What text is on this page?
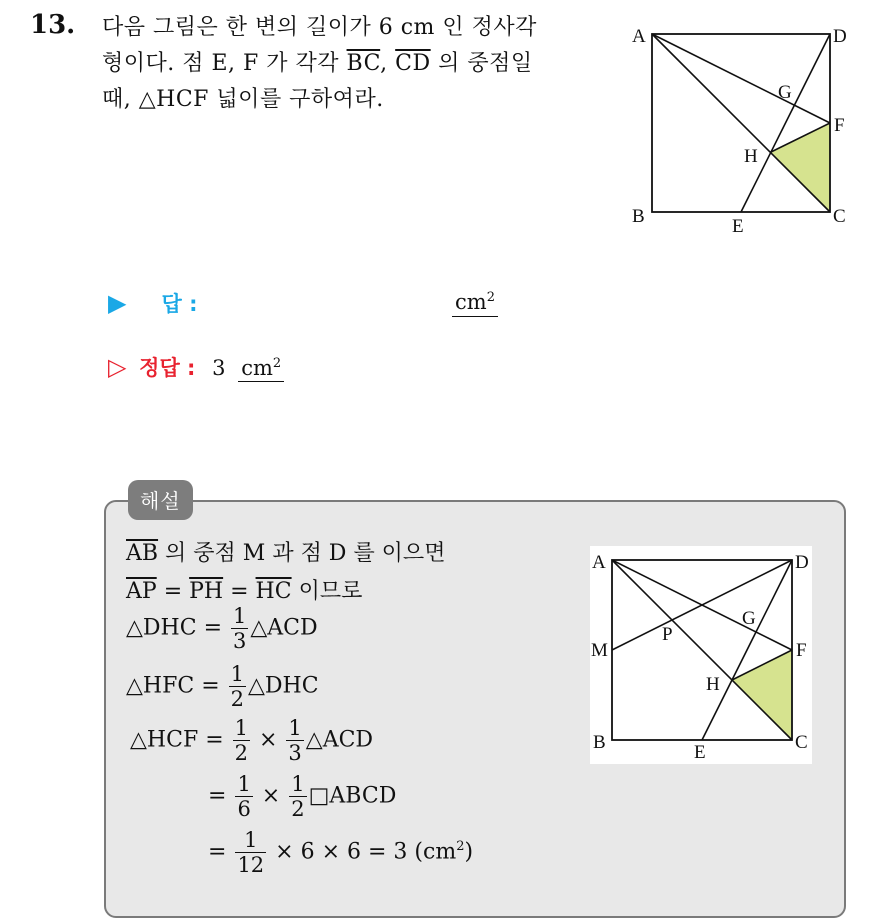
13. 다음 그림은 한 변의 길이가 6 cm 인 정사각
형이다. 점 E, F 가 각각 $\overline{BC}$, $\overline{CD}$ 의 중점일
때, △HCF 넓이를 구하여라.
A	D
B	C
E
F
G
H
▶ 답 :	$cm^2$
▷ 정답 : 3 $cm^2$
해설
$\overline{AB}$ 의 중점 M 과 점 D 를 이으면
$\overline{AP} = \overline{PH} = \overline{HC}$ 이므로
△DHC = $\frac{1}{3}$ △ACD
△HFC = $\frac{1}{2}$ △DHC
△HCF = $\frac{1}{2} \times \frac{1}{3}$ △ACD
= $\frac{1}{6} \times \frac{1}{2}$ □ABCD
= $\frac{1}{12} \times 6 \times 6 = 3$ $(cm^2)$
A	D
M
P
G
F
H
B	E	C
